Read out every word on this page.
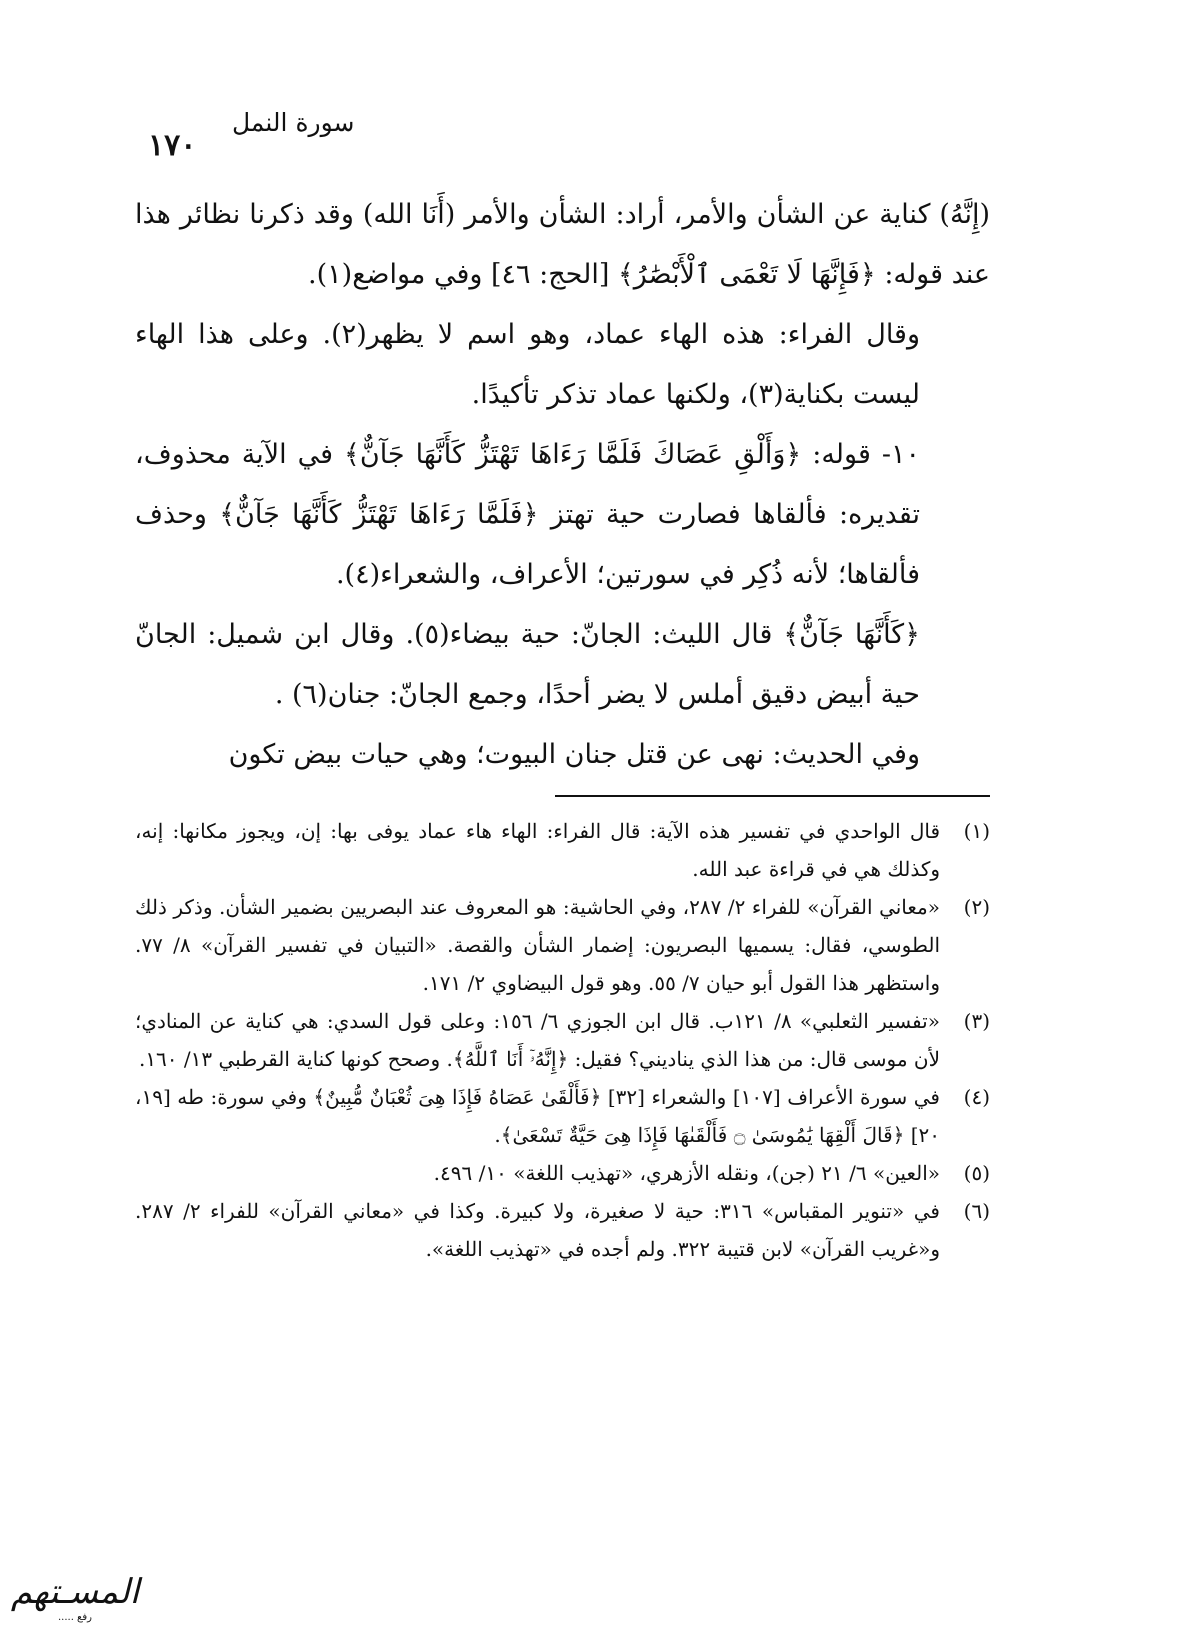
١٧٠
سورة النمل

(إِنَّهُ) كناية عن الشأن والأمر، أراد: الشأن والأمر (أَنَا الله) وقد ذكرنا نظائر هذا عند قوله: ﴿فَإِنَّهَا لَا تَعْمَى ٱلْأَبْصَٰرُ﴾ [الحج: ٤٦] وفي مواضع(١).

وقال الفراء: هذه الهاء عماد، وهو اسم لا يظهر(٢). وعلى هذا الهاء ليست بكناية(٣)، ولكنها عماد تذكر تأكيدًا.

١٠- قوله: ﴿وَأَلْقِ عَصَاكَ فَلَمَّا رَءَاهَا تَهْتَزُّ كَأَنَّهَا جَآنٌّ﴾ في الآية محذوف، تقديره: فألقاها فصارت حية تهتز ﴿فَلَمَّا رَءَاهَا تَهْتَزُّ كَأَنَّهَا جَآنٌّ﴾ وحذف فألقاها؛ لأنه ذُكِر في سورتين؛ الأعراف، والشعراء(٤).

﴿كَأَنَّهَا جَآنٌّ﴾ قال الليث: الجانّ: حية بيضاء(٥). وقال ابن شميل: الجانّ حية أبيض دقيق أملس لا يضر أحدًا، وجمع الجانّ: جنان(٦) .

وفي الحديث: نهى عن قتل جنان البيوت؛ وهي حيات بيض تكون

(١)
قال الواحدي في تفسير هذه الآية: قال الفراء: الهاء هاء عماد يوفى بها: إن، ويجوز مكانها: إنه، وكذلك هي في قراءة عبد الله.

(٢)
«معاني القرآن» للفراء ٢/ ٢٨٧، وفي الحاشية: هو المعروف عند البصريين بضمير الشأن. وذكر ذلك الطوسي، فقال: يسميها البصريون: إضمار الشأن والقصة. «التبيان في تفسير القرآن» ٨/ ٧٧. واستظهر هذا القول أبو حيان ٧/ ٥٥. وهو قول البيضاوي ٢/ ١٧١.

(٣)
«تفسير الثعلبي» ٨/ ١٢١ب. قال ابن الجوزي ٦/ ١٥٦: وعلى قول السدي: هي كناية عن المنادي؛ لأن موسى قال: من هذا الذي يناديني؟ فقيل: ﴿إِنَّهُۥٓ أَنَا ٱللَّهُ﴾. وصحح كونها كناية القرطبي ١٣/ ١٦٠.

(٤)
في سورة الأعراف [١٠٧] والشعراء [٣٢] ﴿فَأَلْقَىٰ عَصَاهُ فَإِذَا هِىَ ثُعْبَانٌ مُّبِينٌ﴾ وفي سورة: طه [١٩، ٢٠] ﴿قَالَ أَلْقِهَا يَٰمُوسَىٰ ۝ فَأَلْقَىٰهَا فَإِذَا هِىَ حَيَّةٌ تَسْعَىٰ﴾.

(٥)
«العين» ٦/ ٢١ (جن)، ونقله الأزهري، «تهذيب اللغة» ١٠/ ٤٩٦.

(٦)
في «تنوير المقباس» ٣١٦: حية لا صغيرة، ولا كبيرة. وكذا في «معاني القرآن» للفراء ٢/ ٢٨٧. و«غريب القرآن» لابن قتيبة ٣٢٢. ولم أجده في «تهذيب اللغة».

المسـتهم
رفع .....
